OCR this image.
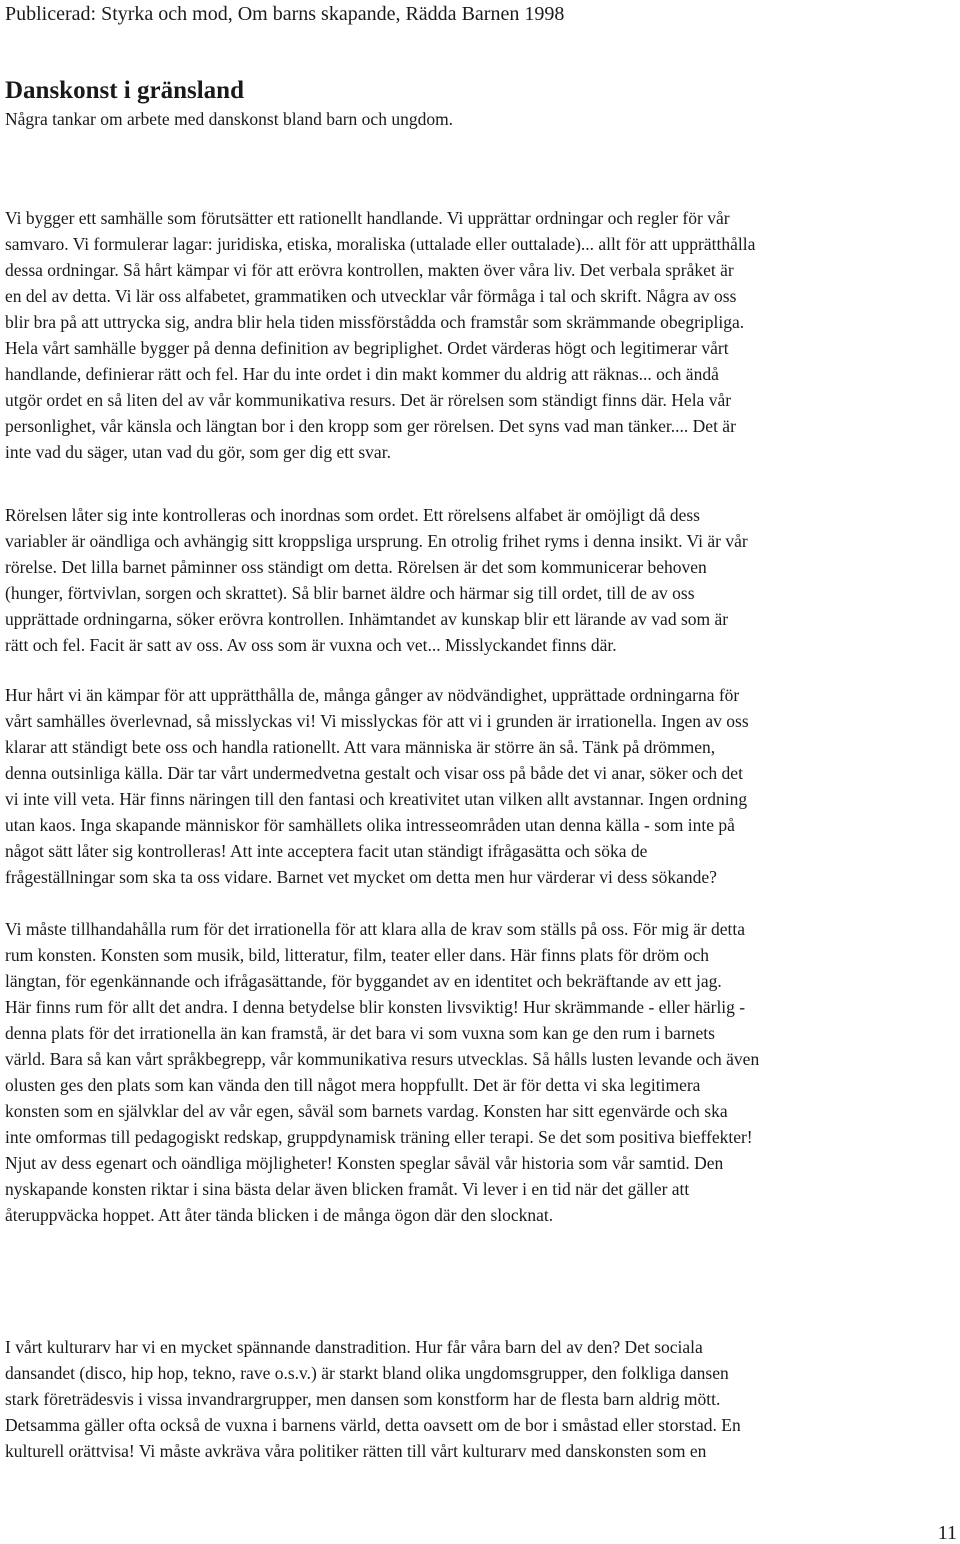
Publicerad: Styrka och mod, Om barns skapande, Rädda Barnen 1998
Danskonst i gränsland
Några tankar om arbete med danskonst bland barn och ungdom.
Vi bygger ett samhälle som förutsätter ett rationellt handlande. Vi upprättar ordningar och regler för vår
samvaro. Vi formulerar lagar: juridiska, etiska, moraliska (uttalade eller outtalade)... allt för att upprätthålla
dessa ordningar. Så hårt kämpar vi för att erövra kontrollen, makten över våra liv. Det verbala språket är
en del av detta. Vi lär oss alfabetet, grammatiken och utvecklar vår förmåga i tal och skrift. Några av oss
blir bra på att uttrycka sig, andra blir hela tiden missförstådda och framstår som skrämmande obegripliga.
Hela vårt samhälle bygger på denna definition av begriplighet. Ordet värderas högt och legitimerar vårt
handlande, definierar rätt och fel. Har du inte ordet i din makt kommer du aldrig att räknas... och ändå
utgör ordet en så liten del av vår kommunikativa resurs. Det är rörelsen som ständigt finns där. Hela vår
personlighet, vår känsla och längtan bor i den kropp som ger rörelsen. Det syns vad man tänker.... Det är
inte vad du säger, utan vad du gör, som ger dig ett svar.
Rörelsen låter sig inte kontrolleras och inordnas som ordet. Ett rörelsens alfabet är omöjligt då dess
variabler är oändliga och avhängig sitt kroppsliga ursprung. En otrolig frihet ryms i denna insikt. Vi är vår
rörelse. Det lilla barnet påminner oss ständigt om detta. Rörelsen är det som kommunicerar behoven
(hunger, förtvivlan, sorgen och skrattet). Så blir barnet äldre och härmar sig till ordet, till de av oss
upprättade ordningarna, söker erövra kontrollen. Inhämtandet av kunskap blir ett lärande av vad som är
rätt och fel. Facit är satt av oss. Av oss som är vuxna och vet... Misslyckandet finns där.
Hur hårt vi än kämpar för att upprätthålla de, många gånger av nödvändighet, upprättade ordningarna för
vårt samhälles överlevnad, så misslyckas vi! Vi misslyckas för att vi i grunden är irrationella. Ingen av oss
klarar att ständigt bete oss och handla rationellt. Att vara människa är större än så. Tänk på drömmen,
denna outsinliga källa. Där tar vårt undermedvetna gestalt och visar oss på både det vi anar, söker och det
vi inte vill veta. Här finns näringen till den fantasi och kreativitet utan vilken allt avstannar. Ingen ordning
utan kaos. Inga skapande människor för samhällets olika intresseområden utan denna källa - som inte på
något sätt låter sig kontrolleras! Att inte acceptera facit utan ständigt ifrågasätta och söka de
frågeställningar som ska ta oss vidare. Barnet vet mycket om detta men hur värderar vi dess sökande?
Vi måste tillhandahålla rum för det irrationella för att klara alla de krav som ställs på oss. För mig är detta
rum konsten. Konsten som musik, bild, litteratur, film, teater eller dans. Här finns plats för dröm och
längtan, för egenkännande och ifrågasättande, för byggandet av en identitet och bekräftande av ett jag.
Här finns rum för allt det andra. I denna betydelse blir konsten livsviktig! Hur skrämmande - eller härlig -
denna plats för det irrationella än kan framstå, är det bara vi som vuxna som kan ge den rum i barnets
värld. Bara så kan vårt språkbegrepp, vår kommunikativa resurs utvecklas. Så hålls lusten levande och även
olusten ges den plats som kan vända den till något mera hoppfullt. Det är för detta vi ska legitimera
konsten som en självklar del av vår egen, såväl som barnets vardag. Konsten har sitt egenvärde och ska
inte omformas till pedagogiskt redskap, gruppdynamisk träning eller terapi. Se det som positiva bieffekter!
Njut av dess egenart och oändliga möjligheter! Konsten speglar såväl vår historia som vår samtid. Den
nyskapande konsten riktar i sina bästa delar även blicken framåt. Vi lever i en tid när det gäller att
återuppväcka hoppet. Att åter tända blicken i de många ögon där den slocknat.
I vårt kulturarv har vi en mycket spännande danstradition. Hur får våra barn del av den? Det sociala
dansandet (disco, hip hop, tekno, rave o.s.v.) är starkt bland olika ungdomsgrupper, den folkliga dansen
stark företrädesvis i vissa invandrargrupper, men dansen som konstform har de flesta barn aldrig mött.
Detsamma gäller ofta också de vuxna i barnens värld, detta oavsett om de bor i småstad eller storstad. En
kulturell orättvisa! Vi måste avkräva våra politiker rätten till vårt kulturarv med danskonsten som en
11
